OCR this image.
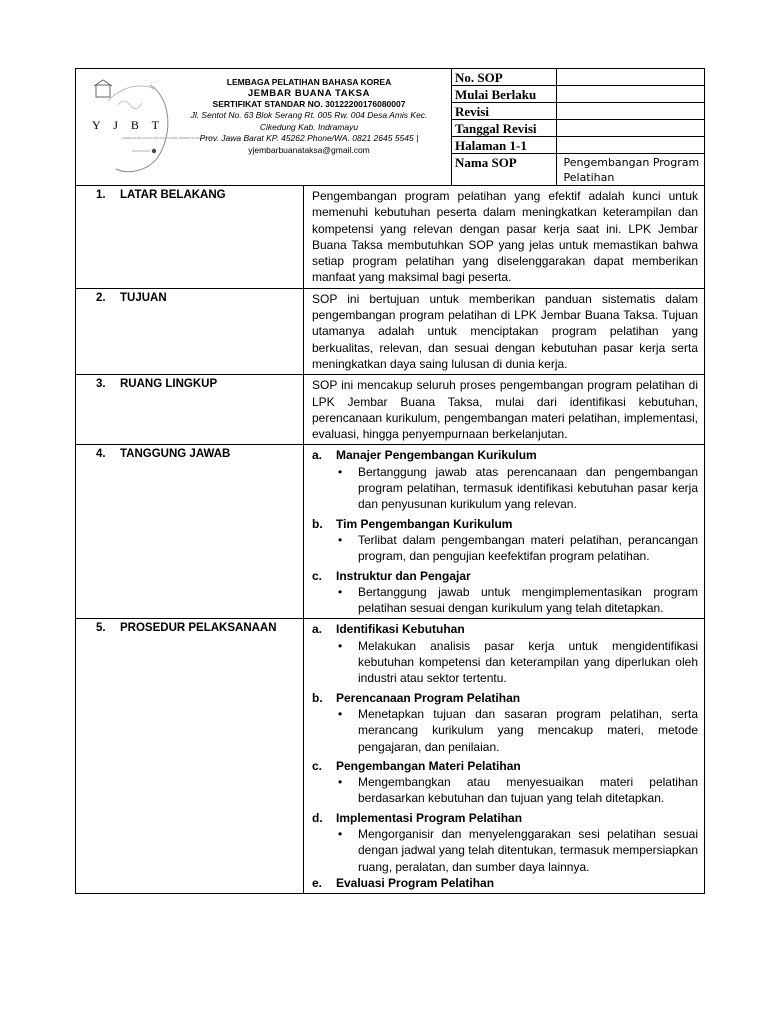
Y J B T
LEMBAGA PELATIHAN BAHASA KOREA JEMBAR BUANA TAKSA
LEMBAGA PELATIHAN BAHASA KOREA
JEMBAR BUANA TAKSA
SERTIFIKAT STANDAR NO. 30122200176080007
Jl. Sentot No. 63 Blok Serang Rt. 005 Rw. 004 Desa Amis Kec.
Cikedung Kab. Indramayu
Prov. Jawa Barat KP. 45262 Phone/WA. 0821 2645 5545 |
yjembarbuanataksa@gmail.com
No. SOP	
Mulai Berlaku	
Revisi	
Tanggal Revisi	
Halaman 1-1	
Nama SOP	Pengembangan Program Pelatihan
1. LATAR BELAKANG	Pengembangan program pelatihan yang efektif adalah kunci untuk memenuhi kebutuhan peserta dalam meningkatkan keterampilan dan kompetensi yang relevan dengan pasar kerja saat ini. LPK Jembar Buana Taksa membutuhkan SOP yang jelas untuk memastikan bahwa setiap program pelatihan yang diselenggarakan dapat memberikan manfaat yang maksimal bagi peserta.
2. TUJUAN	SOP ini bertujuan untuk memberikan panduan sistematis dalam pengembangan program pelatihan di LPK Jembar Buana Taksa. Tujuan utamanya adalah untuk menciptakan program pelatihan yang berkualitas, relevan, dan sesuai dengan kebutuhan pasar kerja serta meningkatkan daya saing lulusan di dunia kerja.
3. RUANG LINGKUP	SOP ini mencakup seluruh proses pengembangan program pelatihan di LPK Jembar Buana Taksa, mulai dari identifikasi kebutuhan, perencanaan kurikulum, pengembangan materi pelatihan, implementasi, evaluasi, hingga penyempurnaan berkelanjutan.
4. TANGGUNG JAWAB	a.	Manajer Pengembangan Kurikulum
•	Bertanggung jawab atas perencanaan dan pengembangan program pelatihan, termasuk identifikasi kebutuhan pasar kerja dan penyusunan kurikulum yang relevan.
b.	Tim Pengembangan Kurikulum
•	Terlibat dalam pengembangan materi pelatihan, perancangan program, dan pengujian keefektifan program pelatihan.
c.	Instruktur dan Pengajar
•	Bertanggung jawab untuk mengimplementasikan program pelatihan sesuai dengan kurikulum yang telah ditetapkan.
5. PROSEDUR PELAKSANAAN	a.	Identifikasi Kebutuhan
•	Melakukan analisis pasar kerja untuk mengidentifikasi kebutuhan kompetensi dan keterampilan yang diperlukan oleh industri atau sektor tertentu.
b.	Perencanaan Program Pelatihan
•	Menetapkan tujuan dan sasaran program pelatihan, serta merancang kurikulum yang mencakup materi, metode pengajaran, dan penilaian.
c.	Pengembangan Materi Pelatihan
•	Mengembangkan atau menyesuaikan materi pelatihan berdasarkan kebutuhan dan tujuan yang telah ditetapkan.
d.	Implementasi Program Pelatihan
•	Mengorganisir dan menyelenggarakan sesi pelatihan sesuai dengan jadwal yang telah ditentukan, termasuk mempersiapkan ruang, peralatan, dan sumber daya lainnya.
e.	Evaluasi Program Pelatihan
